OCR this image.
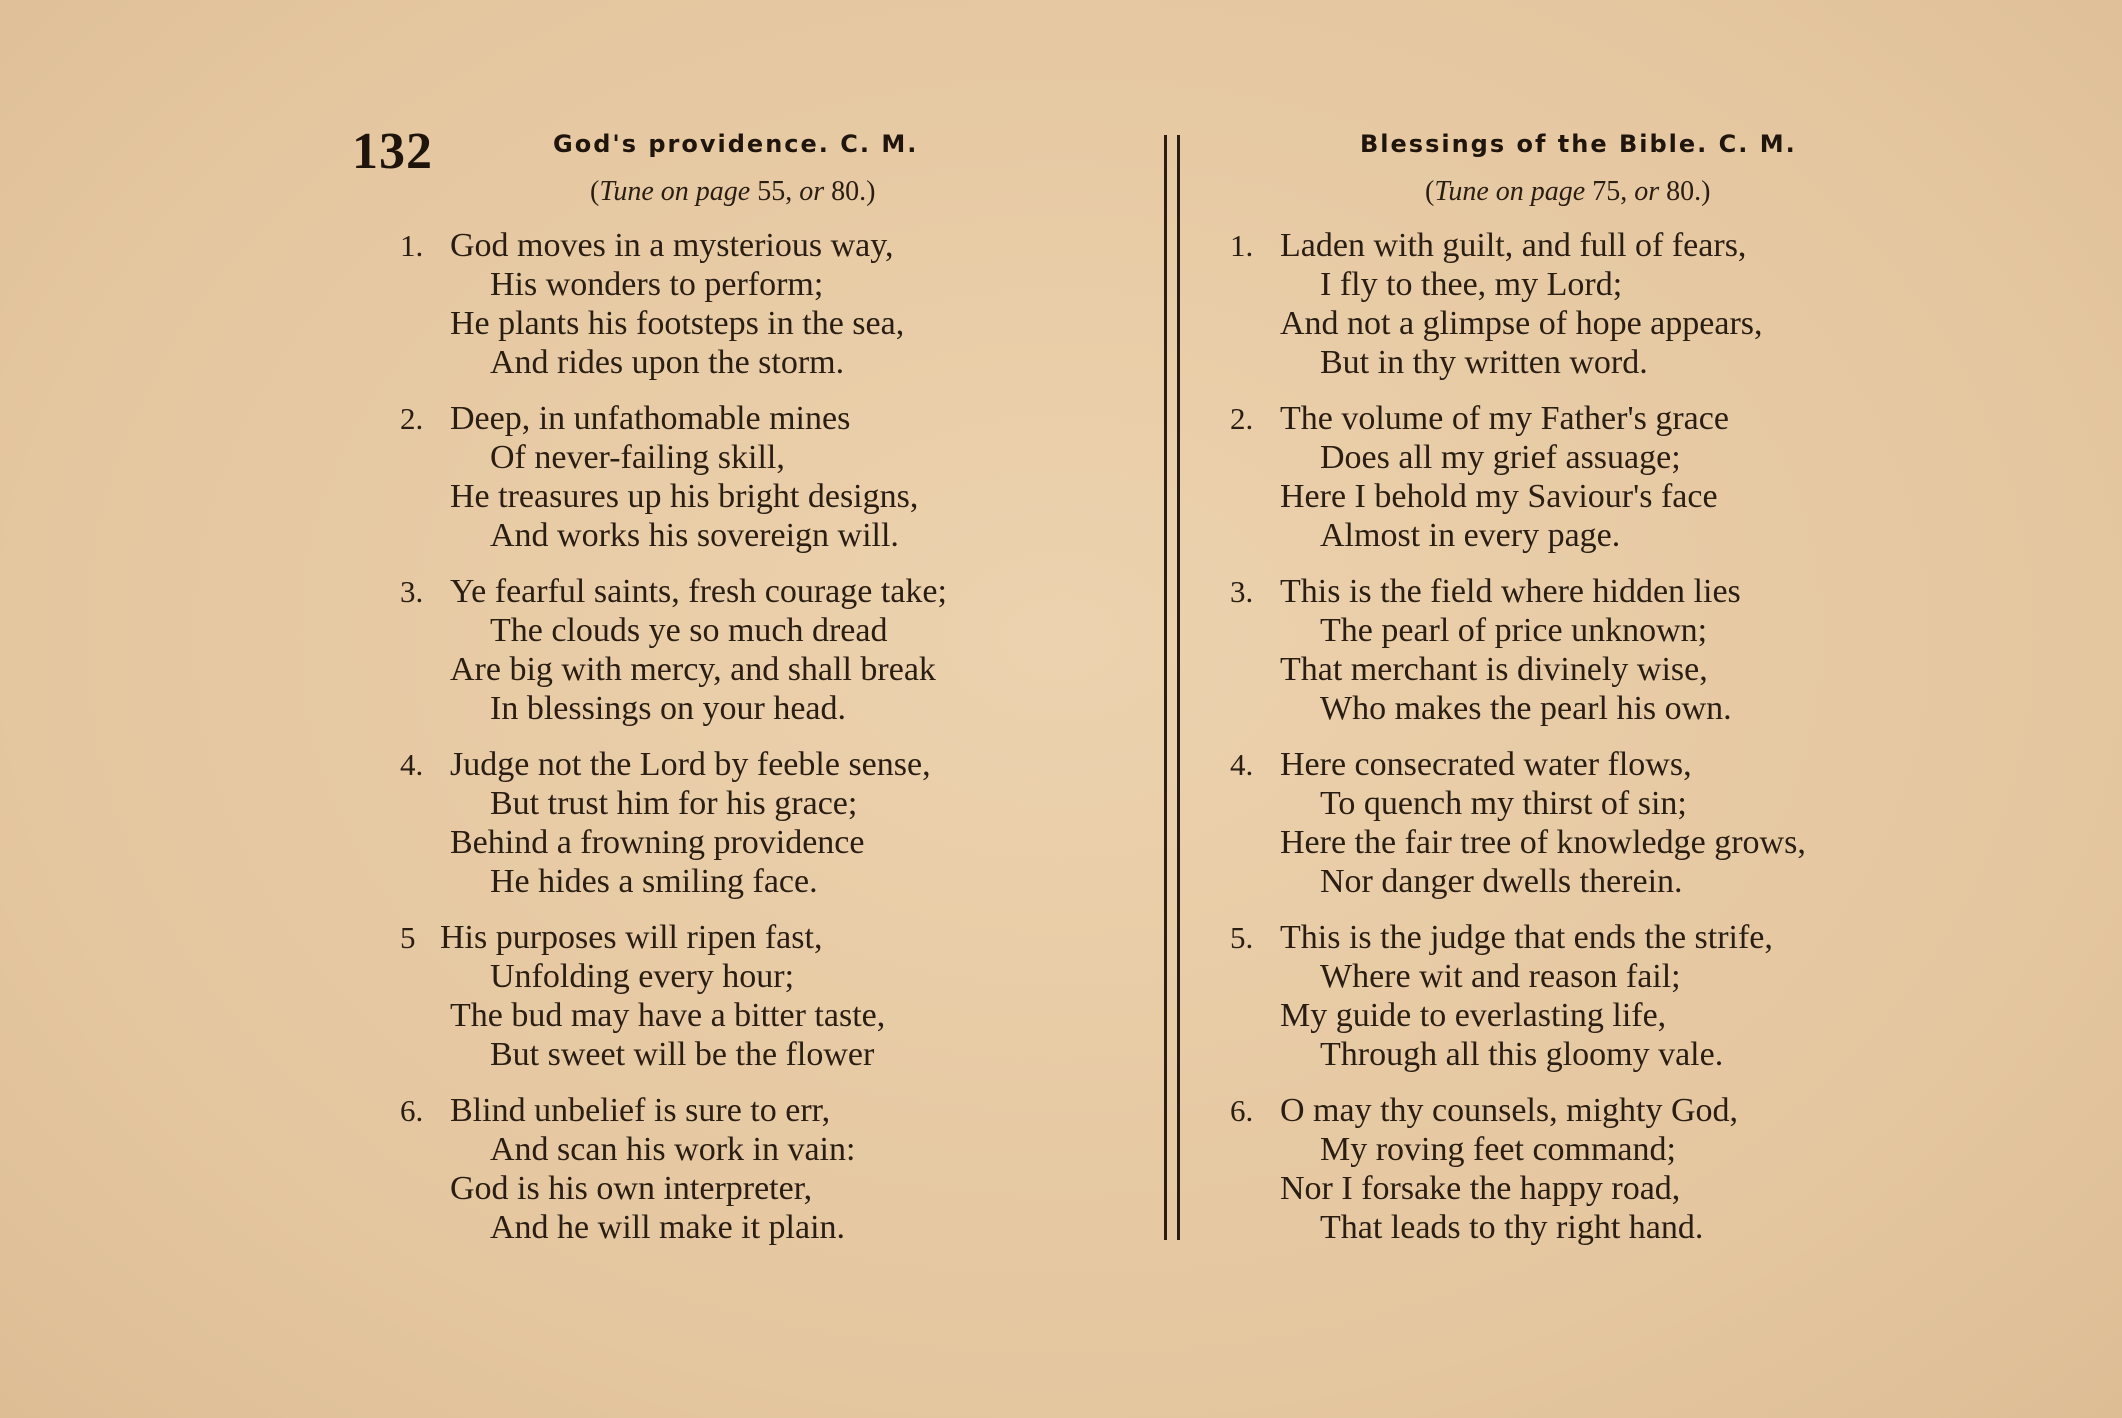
132	God's providence. C. M.
(Tune on page 55, or 80.)
1. God moves in a mysterious way,
His wonders to perform;
He plants his footsteps in the sea,
And rides upon the storm.
2. Deep, in unfathomable mines
Of never-failing skill,
He treasures up his bright designs,
And works his sovereign will.
3. Ye fearful saints, fresh courage take;
The clouds ye so much dread
Are big with mercy, and shall break
In blessings on your head.
4. Judge not the Lord by feeble sense,
But trust him for his grace;
Behind a frowning providence
He hides a smiling face.
5 His purposes will ripen fast,
Unfolding every hour;
The bud may have a bitter taste,
But sweet will be the flower
6. Blind unbelief is sure to err,
And scan his work in vain:
God is his own interpreter,
And he will make it plain.
Blessings of the Bible. C. M.
(Tune on page 75, or 80.)
1. Laden with guilt, and full of fears,
I fly to thee, my Lord;
And not a glimpse of hope appears,
But in thy written word.
2. The volume of my Father's grace
Does all my grief assuage;
Here I behold my Saviour's face
Almost in every page.
3. This is the field where hidden lies
The pearl of price unknown;
That merchant is divinely wise,
Who makes the pearl his own.
4. Here consecrated water flows,
To quench my thirst of sin;
Here the fair tree of knowledge grows,
Nor danger dwells therein.
5. This is the judge that ends the strife,
Where wit and reason fail;
My guide to everlasting life,
Through all this gloomy vale.
6. O may thy counsels, mighty God,
My roving feet command;
Nor I forsake the happy road,
That leads to thy right hand.
